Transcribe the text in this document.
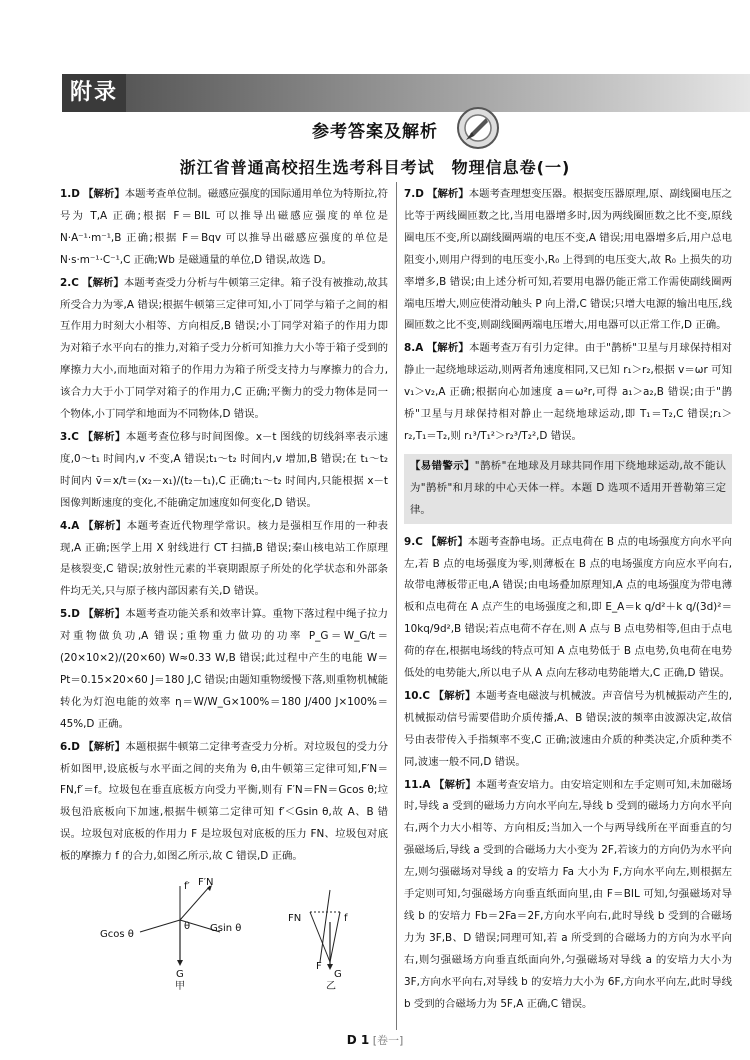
附录
参考答案及解析
浙江省普通高校招生选考科目考试　物理信息卷(一)

1.D 【解析】本题考查单位制。磁感应强度的国际通用单位为特斯拉,符号为 T,A 正确;根据 F＝BIL 可以推导出磁感应强度的单位是 N·A⁻¹·m⁻¹,B 正确;根据 F＝Bqv 可以推导出磁感应强度的单位是 N·s·m⁻¹·C⁻¹,C 正确;Wb 是磁通量的单位,D 错误,故选 D。

2.C 【解析】本题考查受力分析与牛顿第三定律。箱子没有被推动,故其所受合力为零,A 错误;根据牛顿第三定律可知,小丁同学与箱子之间的相互作用力时刻大小相等、方向相反,B 错误;小丁同学对箱子的作用力即为对箱子水平向右的推力,对箱子受力分析可知推力大小等于箱子受到的摩擦力大小,而地面对箱子的作用力为箱子所受支持力与摩擦力的合力,该合力大于小丁同学对箱子的作用力,C 正确;平衡力的受力物体是同一个物体,小丁同学和地面为不同物体,D 错误。

3.C 【解析】本题考查位移与时间图像。x－t 图线的切线斜率表示速度,0～t₁ 时间内,v 不变,A 错误;t₁～t₂ 时间内,v 增加,B 错误;在 t₁～t₂ 时间内 v̄＝x/t＝(x₂－x₁)/(t₂－t₁),C 正确;t₁～t₂ 时间内,只能根据 x－t 图像判断速度的变化,不能确定加速度如何变化,D 错误。

4.A 【解析】本题考查近代物理学常识。核力是强相互作用的一种表现,A 正确;医学上用 X 射线进行 CT 扫描,B 错误;秦山核电站工作原理是核裂变,C 错误;放射性元素的半衰期跟原子所处的化学状态和外部条件均无关,只与原子核内部因素有关,D 错误。

5.D 【解析】本题考查功能关系和效率计算。重物下落过程中绳子拉力对重物做负功,A 错误;重物重力做功的功率 P_G＝W_G/t＝(20×10×2)/(20×60) W≈0.33 W,B 错误;此过程中产生的电能 W＝Pt＝0.15×20×60 J＝180 J,C 错误;由题知重物缓慢下落,则重物机械能转化为灯泡电能的效率 η＝W/W_G×100%＝180 J/400 J×100%＝45%,D 正确。

6.D 【解析】本题根据牛顿第二定律考查受力分析。对垃圾包的受力分析如图甲,设底板与水平面之间的夹角为 θ,由牛顿第三定律可知,F′N＝FN,f′＝f。垃圾包在垂直底板方向受力平衡,则有 F′N＝FN＝Gcos θ;垃圾包沿底板向下加速,根据牛顿第二定律可知 f′＜Gsin θ,故 A、B 错误。垃圾包对底板的作用力 F 是垃圾包对底板的压力 FN、垃圾包对底板的摩擦力 f 的合力,如图乙所示,故 C 错误,D 正确。

F′N
f′
Gcos θ
Gsin θ
θ
G
甲
FN	f
F
G
乙

7.D 【解析】本题考查理想变压器。根据变压器原理,原、副线圈电压之比等于两线圈匝数之比,当用电器增多时,因为两线圈匝数之比不变,原线圈电压不变,所以副线圈两端的电压不变,A 错误;用电器增多后,用户总电阻变小,则用户得到的电压变小,R₀ 上得到的电压变大,故 R₀ 上损失的功率增多,B 错误;由上述分析可知,若要用电器仍能正常工作需使副线圈两端电压增大,则应使滑动触头 P 向上滑,C 错误;只增大电源的输出电压,线圈匝数之比不变,则副线圈两端电压增大,用电器可以正常工作,D 正确。

8.A 【解析】本题考查万有引力定律。由于"鹊桥"卫星与月球保持相对静止一起绕地球运动,则两者角速度相同,又已知 r₁＞r₂,根据 v＝ωr 可知 v₁＞v₂,A 正确;根据向心加速度 a＝ω²r,可得 a₁＞a₂,B 错误;由于"鹊桥"卫星与月球保持相对静止一起绕地球运动,即 T₁＝T₂,C 错误;r₁＞r₂,T₁＝T₂,则 r₁³/T₁²＞r₂³/T₂²,D 错误。

【易错警示】"鹊桥"在地球及月球共同作用下绕地球运动,故不能认为"鹊桥"和月球的中心天体一样。本题 D 选项不适用开普勒第三定律。

9.C 【解析】本题考查静电场。正点电荷在 B 点的电场强度方向水平向左,若 B 点的电场强度为零,则薄板在 B 点的电场强度方向应水平向右,故带电薄板带正电,A 错误;由电场叠加原理知,A 点的电场强度为带电薄板和点电荷在 A 点产生的电场强度之和,即 E_A＝k q/d²＋k q/(3d)²＝10kq/9d²,B 错误;若点电荷不存在,则 A 点与 B 点电势相等,但由于点电荷的存在,根据电场线的特点可知 A 点电势低于 B 点电势,负电荷在电势低处的电势能大,所以电子从 A 点向左移动电势能增大,C 正确,D 错误。

10.C 【解析】本题考查电磁波与机械波。声音信号为机械振动产生的,机械振动信号需要借助介质传播,A、B 错误;波的频率由波源决定,故信号由表带传入手指频率不变,C 正确;波速由介质的种类决定,介质种类不同,波速一般不同,D 错误。

11.A 【解析】本题考查安培力。由安培定则和左手定则可知,未加磁场时,导线 a 受到的磁场力方向水平向左,导线 b 受到的磁场力方向水平向右,两个力大小相等、方向相反;当加入一个与两导线所在平面垂直的匀强磁场后,导线 a 受到的合磁场力大小变为 2F,若该力的方向仍为水平向左,则匀强磁场对导线 a 的安培力 Fa 大小为 F,方向水平向左,则根据左手定则可知,匀强磁场方向垂直纸面向里,由 F＝BIL 可知,匀强磁场对导线 b 的安培力 Fb＝2Fa＝2F,方向水平向右,此时导线 b 受到的合磁场力为 3F,B、D 错误;同理可知,若 a 所受到的合磁场力的方向为水平向右,则匀强磁场方向垂直纸面向外,匀强磁场对导线 a 的安培力大小为 3F,方向水平向右,对导线 b 的安培力大小为 6F,方向水平向左,此时导线 b 受到的合磁场力为 5F,A 正确,C 错误。

D 1 [卷一]
